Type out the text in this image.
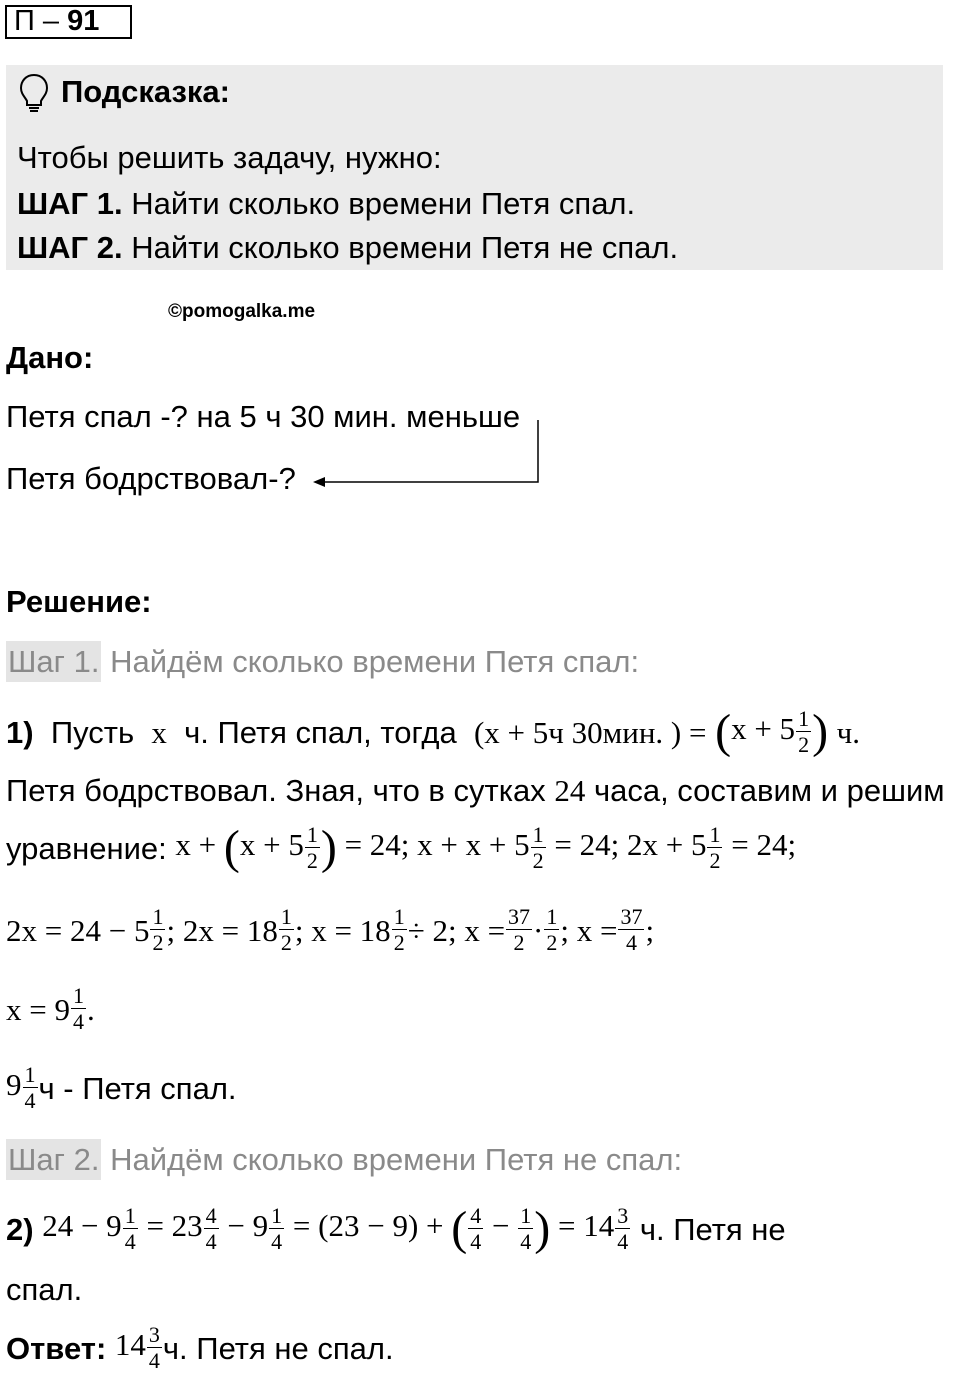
П – 91
Подсказка:
Чтобы решить задачу, нужно:
ШАГ 1. Найти сколько времени Петя спал.
ШАГ 2. Найти сколько времени Петя не спал.
©pomogalka.me
Дано:
Петя спал -? на 5 ч 30 мин. меньше
Петя бодрствовал-?
Решение:
Шаг 1. Найдём сколько времени Петя спал:
1)
Пусть
x
ч. Петя спал, тогда
(x + 5ч 30мин. ) =
($x + 5 \frac{1}{2}$ )
ч.
Петя бодрствовал. Зная, что в сутках 24 часа, составим и решим
уравнение:
$x + (x + 5 \frac{1}{2}$ ) = 24; $x + x + 5 \frac{1}{2} = 24$; $2x + 5 \frac{1}{2} = 24$;
$2x = 24 - 5 \frac{1}{2}$ ; $2x = 18 \frac{1}{2}$ ; $x = 18 \frac{1}{2} \div 2$; $x = \frac{37}{2} \cdot \frac{1}{2}$ ; $x = \frac{37}{4}$ ;
$x = 9 \frac{1}{4}$ .
$9 \frac{1}{4}$ ч - Петя спал.
Шаг 2. Найдём сколько времени Петя не спал:
2)
$24 - 9 \frac{1}{4} = 23 \frac{4}{4} - 9 \frac{1}{4} = (23 - 9)$ + ( $\frac{4}{4} - \frac{1}{4}$ ) = $14 \frac{3}{4}$
ч. Петя не
спал.
Ответ:
$14 \frac{3}{4} ч$. Петя не спал.
